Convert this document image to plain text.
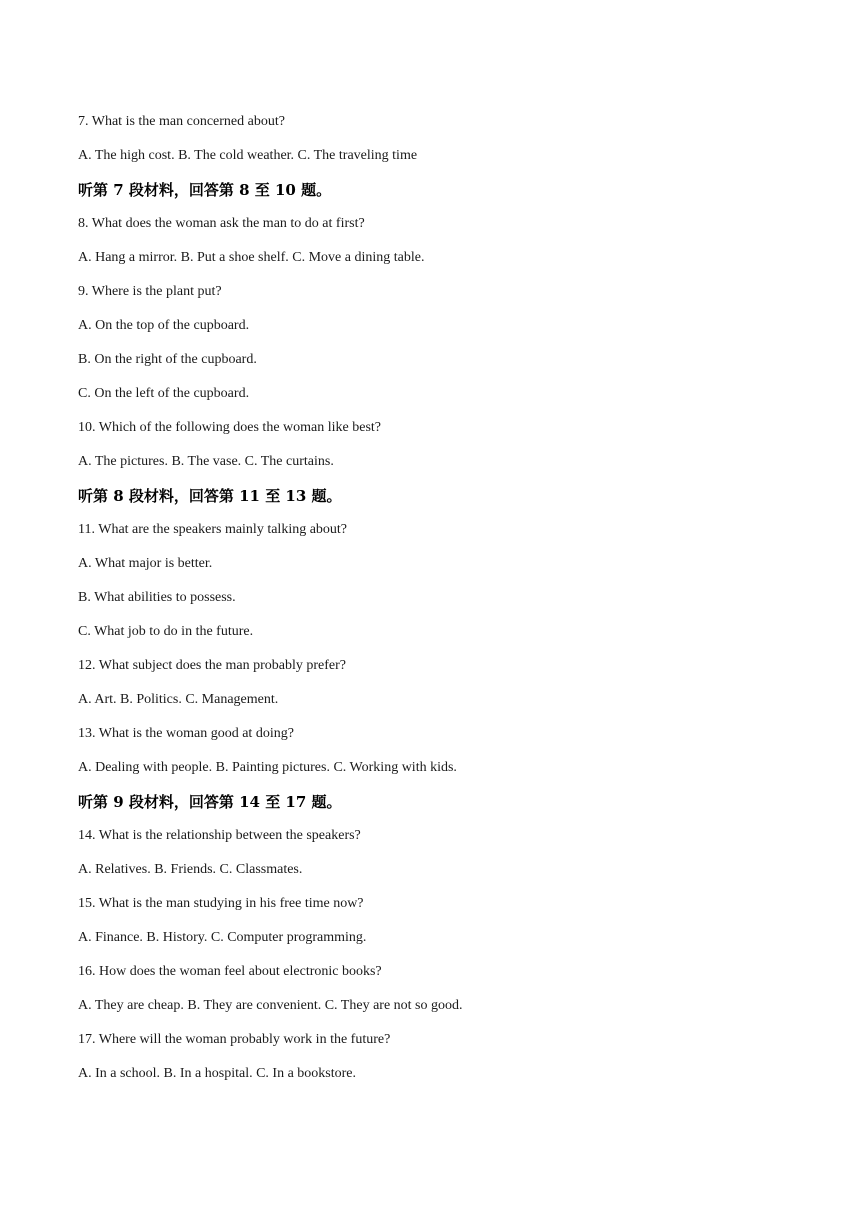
7. What is the man concerned about?
A. The high cost. B. The cold weather. C. The traveling time
听第 7 段材料，回答第 8 至 10 题。
8. What does the woman ask the man to do at first?
A. Hang a mirror. B. Put a shoe shelf. C. Move a dining table.
9. Where is the plant put?
A. On the top of the cupboard.
B. On the right of the cupboard.
C. On the left of the cupboard.
10. Which of the following does the woman like best?
A. The pictures. B. The vase. C. The curtains.
听第 8 段材料，回答第 11 至 13 题。
11. What are the speakers mainly talking about?
A. What major is better.
B. What abilities to possess.
C. What job to do in the future.
12. What subject does the man probably prefer?
A. Art. B. Politics. C. Management.
13. What is the woman good at doing?
A. Dealing with people. B. Painting pictures. C. Working with kids.
听第 9 段材料，回答第 14 至 17 题。
14. What is the relationship between the speakers?
A. Relatives. B. Friends. C. Classmates.
15. What is the man studying in his free time now?
A. Finance. B. History. C. Computer programming.
16. How does the woman feel about electronic books?
A. They are cheap. B. They are convenient. C. They are not so good.
17. Where will the woman probably work in the future?
A. In a school. B. In a hospital. C. In a bookstore.
